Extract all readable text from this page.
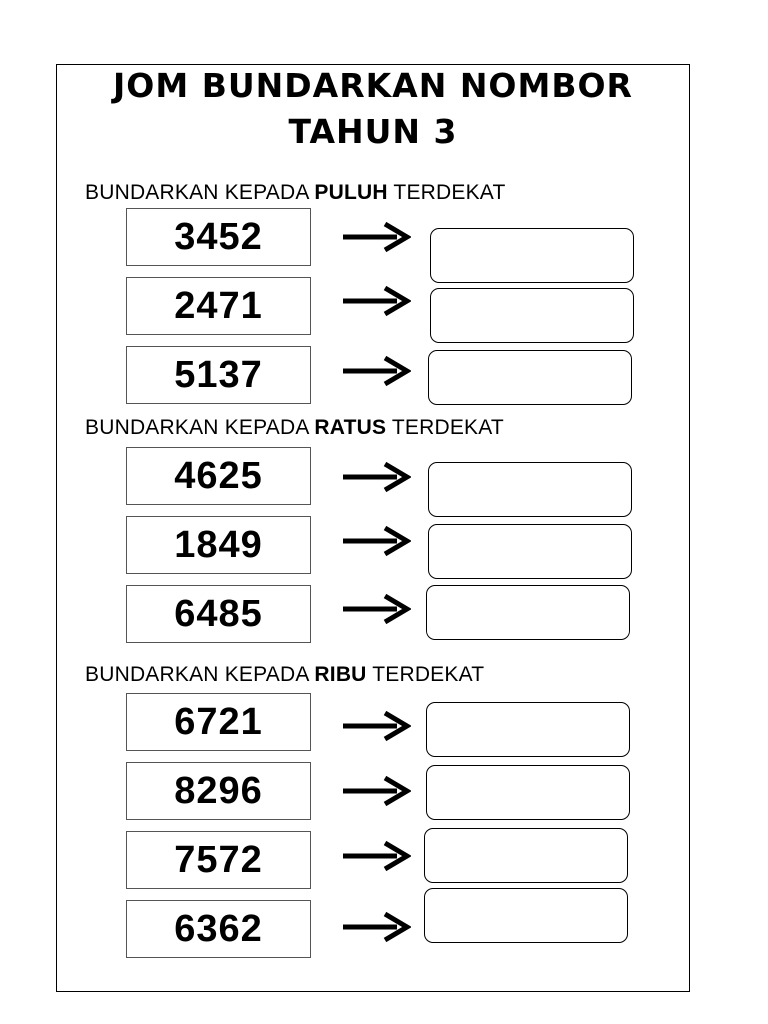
JOM BUNDARKAN NOMBOR
TAHUN 3
BUNDARKAN KEPADA PULUH TERDEKAT
3452
2471
5137
BUNDARKAN KEPADA RATUS TERDEKAT
4625
1849
6485
BUNDARKAN KEPADA RIBU TERDEKAT
6721
8296
7572
6362
